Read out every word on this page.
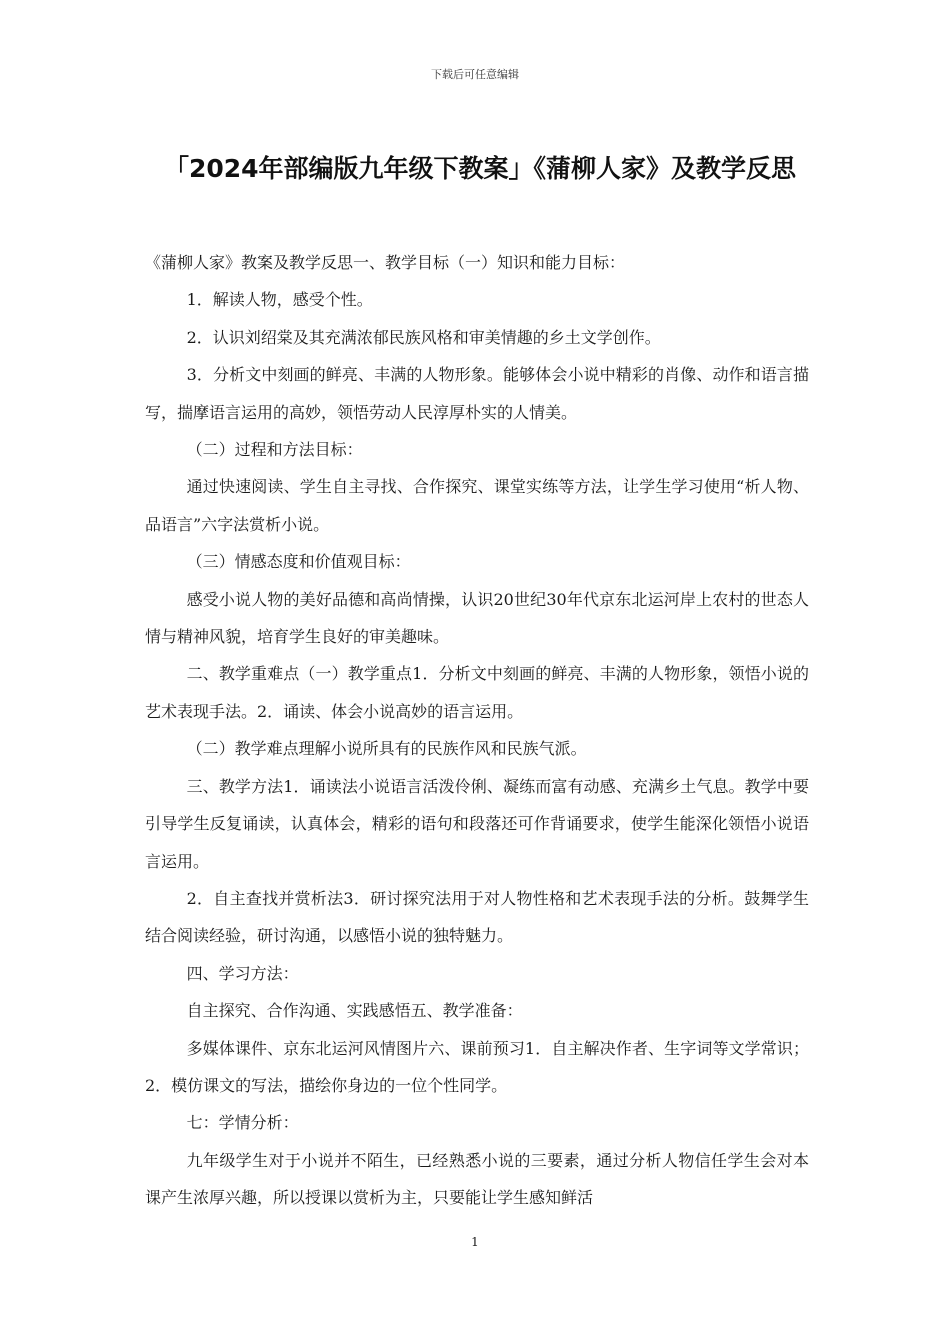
下载后可任意编辑
「2024年部编版九年级下教案」《蒲柳人家》及教学反思

《蒲柳人家》教案及教学反思一、教学目标（一）知识和能力目标：

1．解读人物，感受个性。

2．认识刘绍棠及其充满浓郁民族风格和审美情趣的乡土文学创作。

3．分析文中刻画的鲜亮、丰满的人物形象。能够体会小说中精彩的肖像、动作和语言描写，揣摩语言运用的高妙，领悟劳动人民淳厚朴实的人情美。

（二）过程和方法目标：

通过快速阅读、学生自主寻找、合作探究、课堂实练等方法，让学生学习使用“析人物、品语言”六字法赏析小说。

（三）情感态度和价值观目标：

感受小说人物的美好品德和高尚情操，认识20世纪30年代京东北运河岸上农村的世态人情与精神风貌，培育学生良好的审美趣味。

二、教学重难点（一）教学重点1．分析文中刻画的鲜亮、丰满的人物形象，领悟小说的艺术表现手法。2．诵读、体会小说高妙的语言运用。

（二）教学难点理解小说所具有的民族作风和民族气派。

三、教学方法1．诵读法小说语言活泼伶俐、凝练而富有动感、充满乡土气息。教学中要引导学生反复诵读，认真体会，精彩的语句和段落还可作背诵要求，使学生能深化领悟小说语言运用。

2．自主查找并赏析法3．研讨探究法用于对人物性格和艺术表现手法的分析。鼓舞学生结合阅读经验，研讨沟通，以感悟小说的独特魅力。

四、学习方法：

自主探究、合作沟通、实践感悟五、教学准备：

多媒体课件、京东北运河风情图片六、课前预习1．自主解决作者、生字词等文学常识；2．模仿课文的写法，描绘你身边的一位个性同学。

七：学情分析：

九年级学生对于小说并不陌生，已经熟悉小说的三要素，通过分析人物信任学生会对本课产生浓厚兴趣，所以授课以赏析为主，只要能让学生感知鲜活

1
